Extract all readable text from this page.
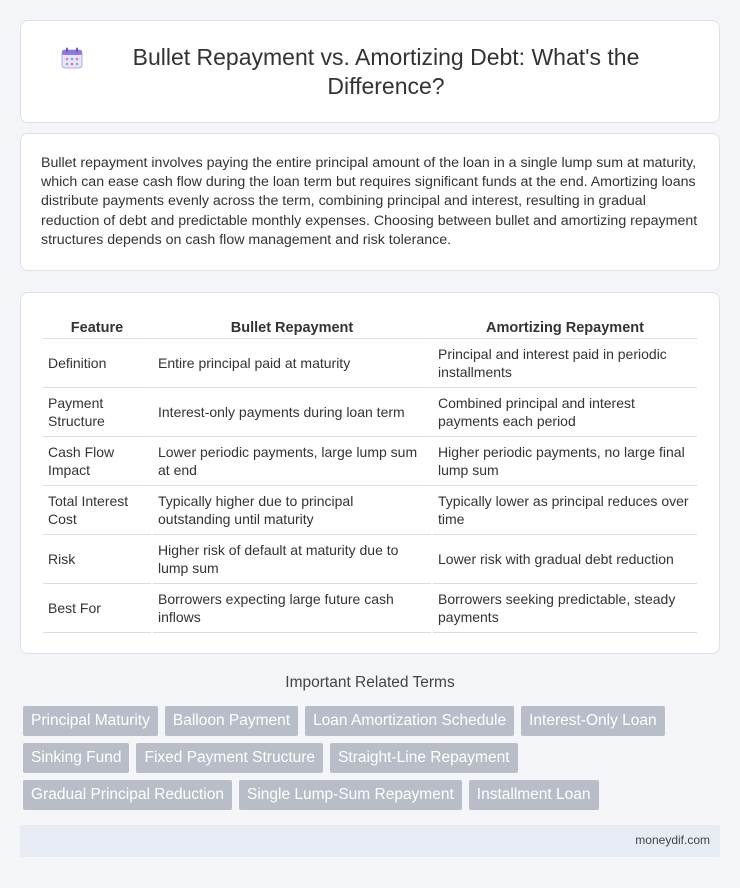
Bullet Repayment vs. Amortizing Debt: What's the Difference?

Bullet repayment involves paying the entire principal amount of the loan in a single lump sum at maturity, which can ease cash flow during the loan term but requires significant funds at the end. Amortizing loans distribute payments evenly across the term, combining principal and interest, resulting in gradual reduction of debt and predictable monthly expenses. Choosing between bullet and amortizing repayment structures depends on cash flow management and risk tolerance.

Feature	Bullet Repayment	Amortizing Repayment
Definition	Entire principal paid at maturity	Principal and interest paid in periodic installments
Payment Structure	Interest-only payments during loan term	Combined principal and interest payments each period
Cash Flow Impact	Lower periodic payments, large lump sum at end	Higher periodic payments, no large final lump sum
Total Interest Cost	Typically higher due to principal outstanding until maturity	Typically lower as principal reduces over time
Risk	Higher risk of default at maturity due to lump sum	Lower risk with gradual debt reduction
Best For	Borrowers expecting large future cash inflows	Borrowers seeking predictable, steady payments
Important Related Terms
Principal Maturity	Balloon Payment	Loan Amortization Schedule	Interest-Only Loan
Sinking Fund	Fixed Payment Structure	Straight-Line Repayment
Gradual Principal Reduction	Single Lump-Sum Repayment	Installment Loan
moneydif.com
